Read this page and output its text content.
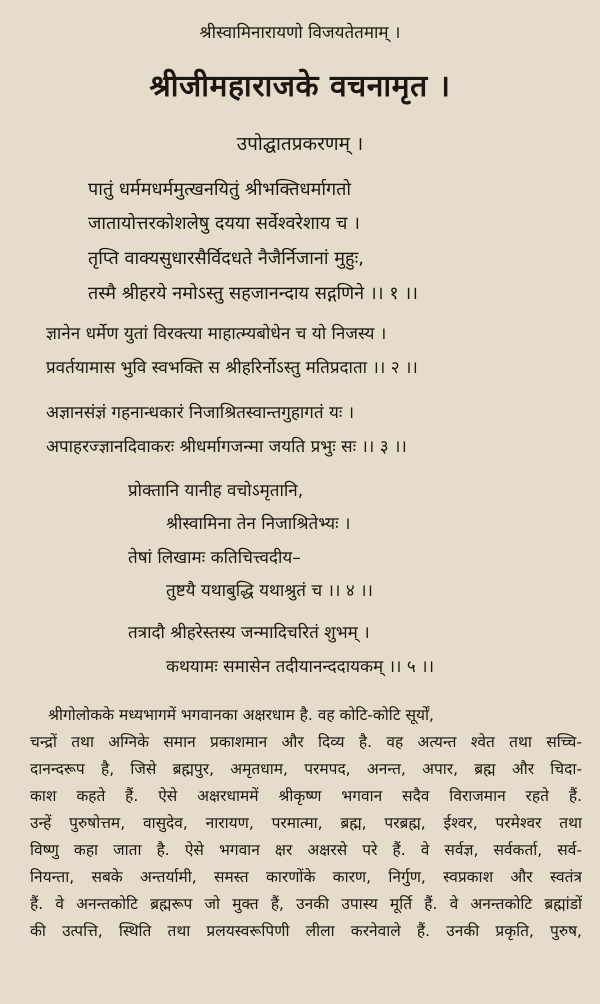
श्रीस्वामिनारायणो विजयतेतमाम् ।
श्रीजीमहाराजके वचनामृत ।
उपोद्घातप्रकरणम् ।
पातुं धर्ममधर्ममुत्खनयितुं श्रीभक्तिधर्मागतो
जातायोत्तरकोशलेषु दयया सर्वेश्वरेशाय च ।
तृप्ति वाक्यसुधारसैर्विदधते नैजैर्निजानां मुहुः,
तस्मै श्रीहरये नमोऽस्तु सहजानन्दाय सद्गणिने ।। १ ।।
ज्ञानेन धर्मेण युतां विरक्त्या माहात्म्यबोधेन च यो निजस्य ।
प्रवर्तयामास भुवि स्वभक्ति स श्रीहरिर्नोऽस्तु मतिप्रदाता ।। २ ।।
अज्ञानसंज्ञं गहनान्धकारं निजाश्रितस्वान्तगुहागतं यः ।
अपाहरज्ज्ञानदिवाकरः श्रीधर्मागजन्मा जयति प्रभुः सः ।। ३ ।।
प्रोक्तानि यानीह वचोऽमृतानि,
श्रीस्वामिना तेन निजाश्रितेभ्यः ।
तेषां लिखामः कतिचित्त्वदीय–
तुष्टयै यथाबुद्धि यथाश्रुतं च ।। ४ ।।
तत्रादौ श्रीहरेस्तस्य जन्मादिचरितं शुभम् ।
कथयामः समासेन तदीयानन्ददायकम् ।। ५ ।।
श्रीगोलोकके मध्यभागमें भगवानका अक्षरधाम है. वह कोटि-कोटि सूर्यों,
चन्द्रों तथा अग्निके समान प्रकाशमान और दिव्य है. वह अत्यन्त श्वेत तथा सच्चि-
दानन्दरूप है, जिसे ब्रह्मपुर, अमृतधाम, परमपद, अनन्त, अपार, ब्रह्म और चिदा-
काश कहते हैं. ऐसे अक्षरधाममें श्रीकृष्ण भगवान सदैव विराजमान रहते हैं.
उन्हें पुरुषोत्तम, वासुदेव, नारायण, परमात्मा, ब्रह्म, परब्रह्म, ईश्वर, परमेश्वर तथा
विष्णु कहा जाता है. ऐसे भगवान क्षर अक्षरसे परे हैं. वे सर्वज्ञ, सर्वकर्ता, सर्व-
नियन्ता, सबके अन्तर्यामी, समस्त कारणोंके कारण, निर्गुण, स्वप्रकाश और स्वतंत्र
हैं. वे अनन्तकोटि ब्रह्मरूप जो मुक्त हैं, उनकी उपास्य मूर्ति हैं. वे अनन्तकोटि ब्रह्मांडों
की उत्पत्ति, स्थिति तथा प्रलयस्वरूपिणी लीला करनेवाले हैं. उनकी प्रकृति, पुरुष,
